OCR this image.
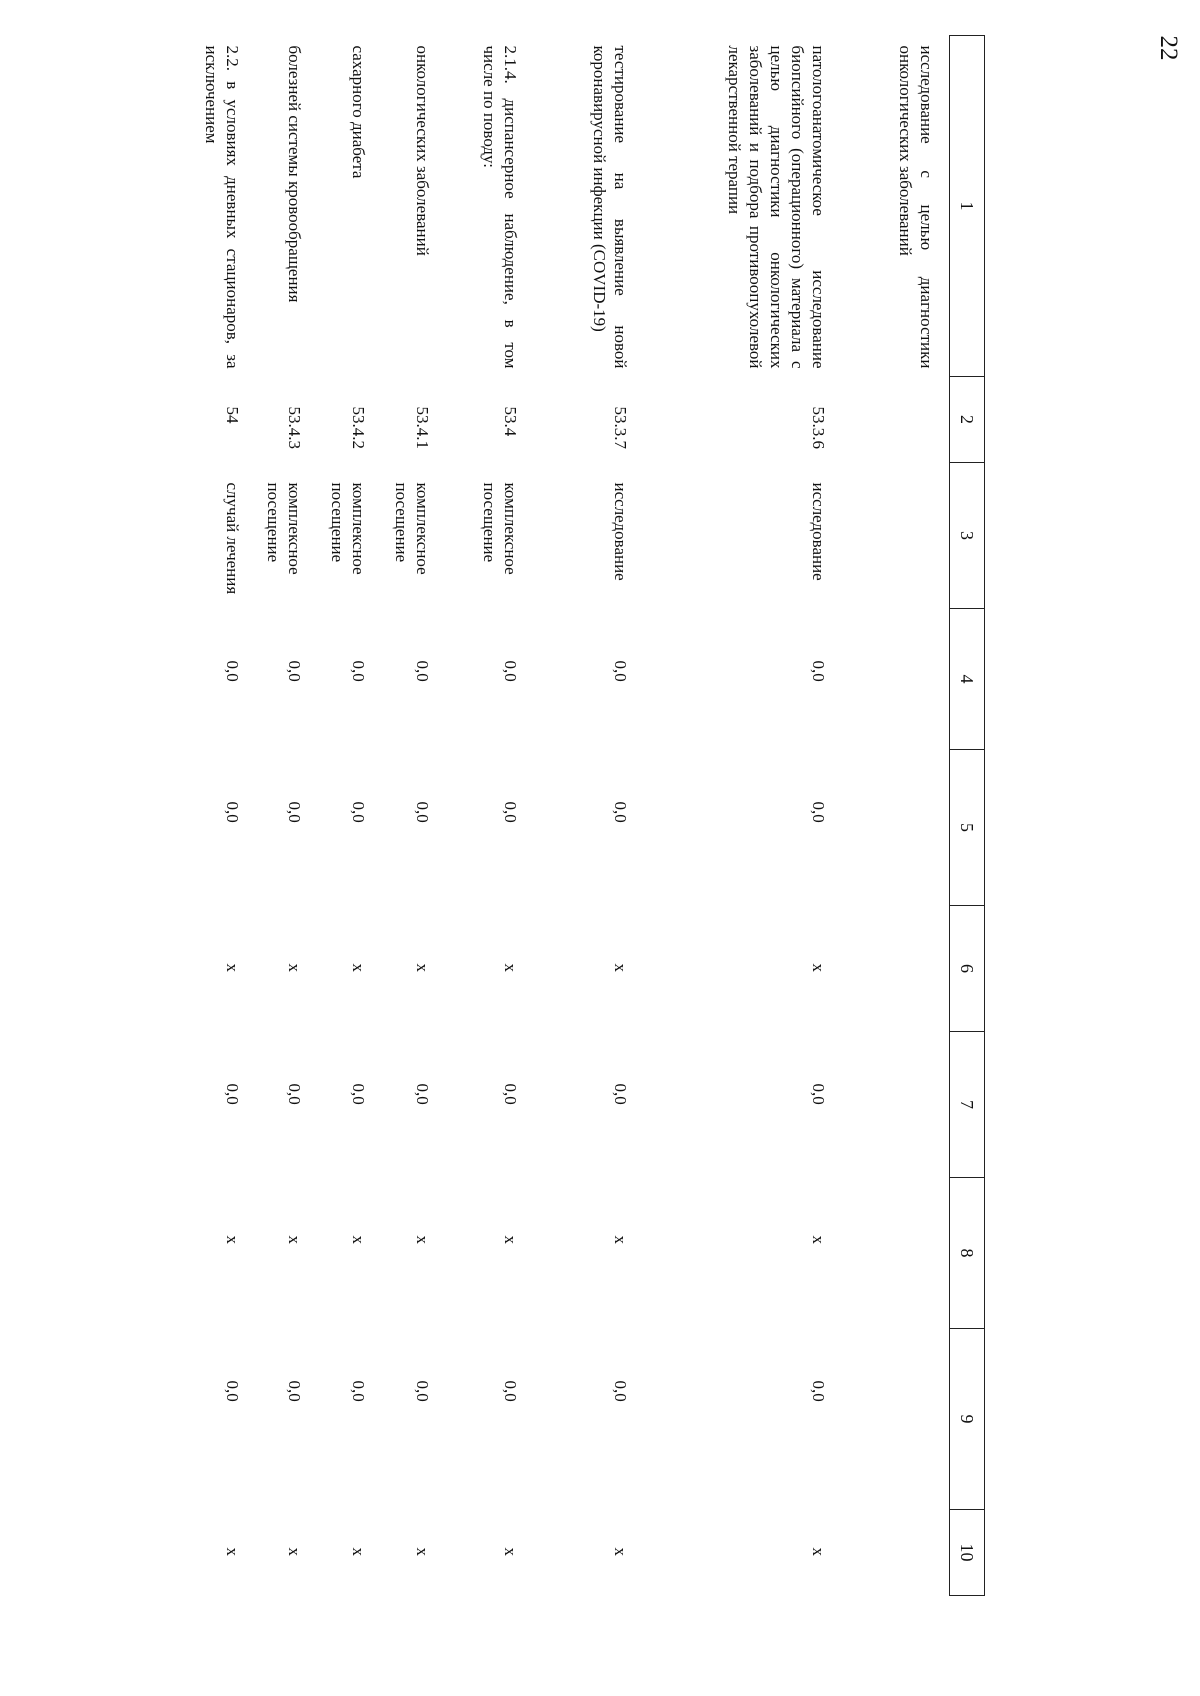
22
1	2	3	4	5	6	7	8	9	10

исследование с целью диагностики онкологических заболеваний									
патологоанатомическое исследование биопсийного (операционного) материала с целью диагностики онкологических заболеваний и подбора противоопухолевой лекарственной терапии	53.3.6	исследование	0,0	0,0	х	0,0	х	0,0	х
тестирование на выявление новой коронавирусной инфекции (COVID-19)	53.3.7	исследование	0,0	0,0	х	0,0	х	0,0	х
2.1.4. диспансерное наблюдение, в том числе по поводу:	53.4	комплексное посещение	0,0	0,0	х	0,0	х	0,0	х
онкологических заболеваний	53.4.1	комплексное посещение	0,0	0,0	х	0,0	х	0,0	х
сахарного диабета	53.4.2	комплексное посещение	0,0	0,0	х	0,0	х	0,0	х
болезней системы кровообращения	53.4.3	комплексное посещение	0,0	0,0	х	0,0	х	0,0	х
2.2. в условиях дневных стационаров, за исключением	54	случай лечения	0,0	0,0	х	0,0	х	0,0	х
